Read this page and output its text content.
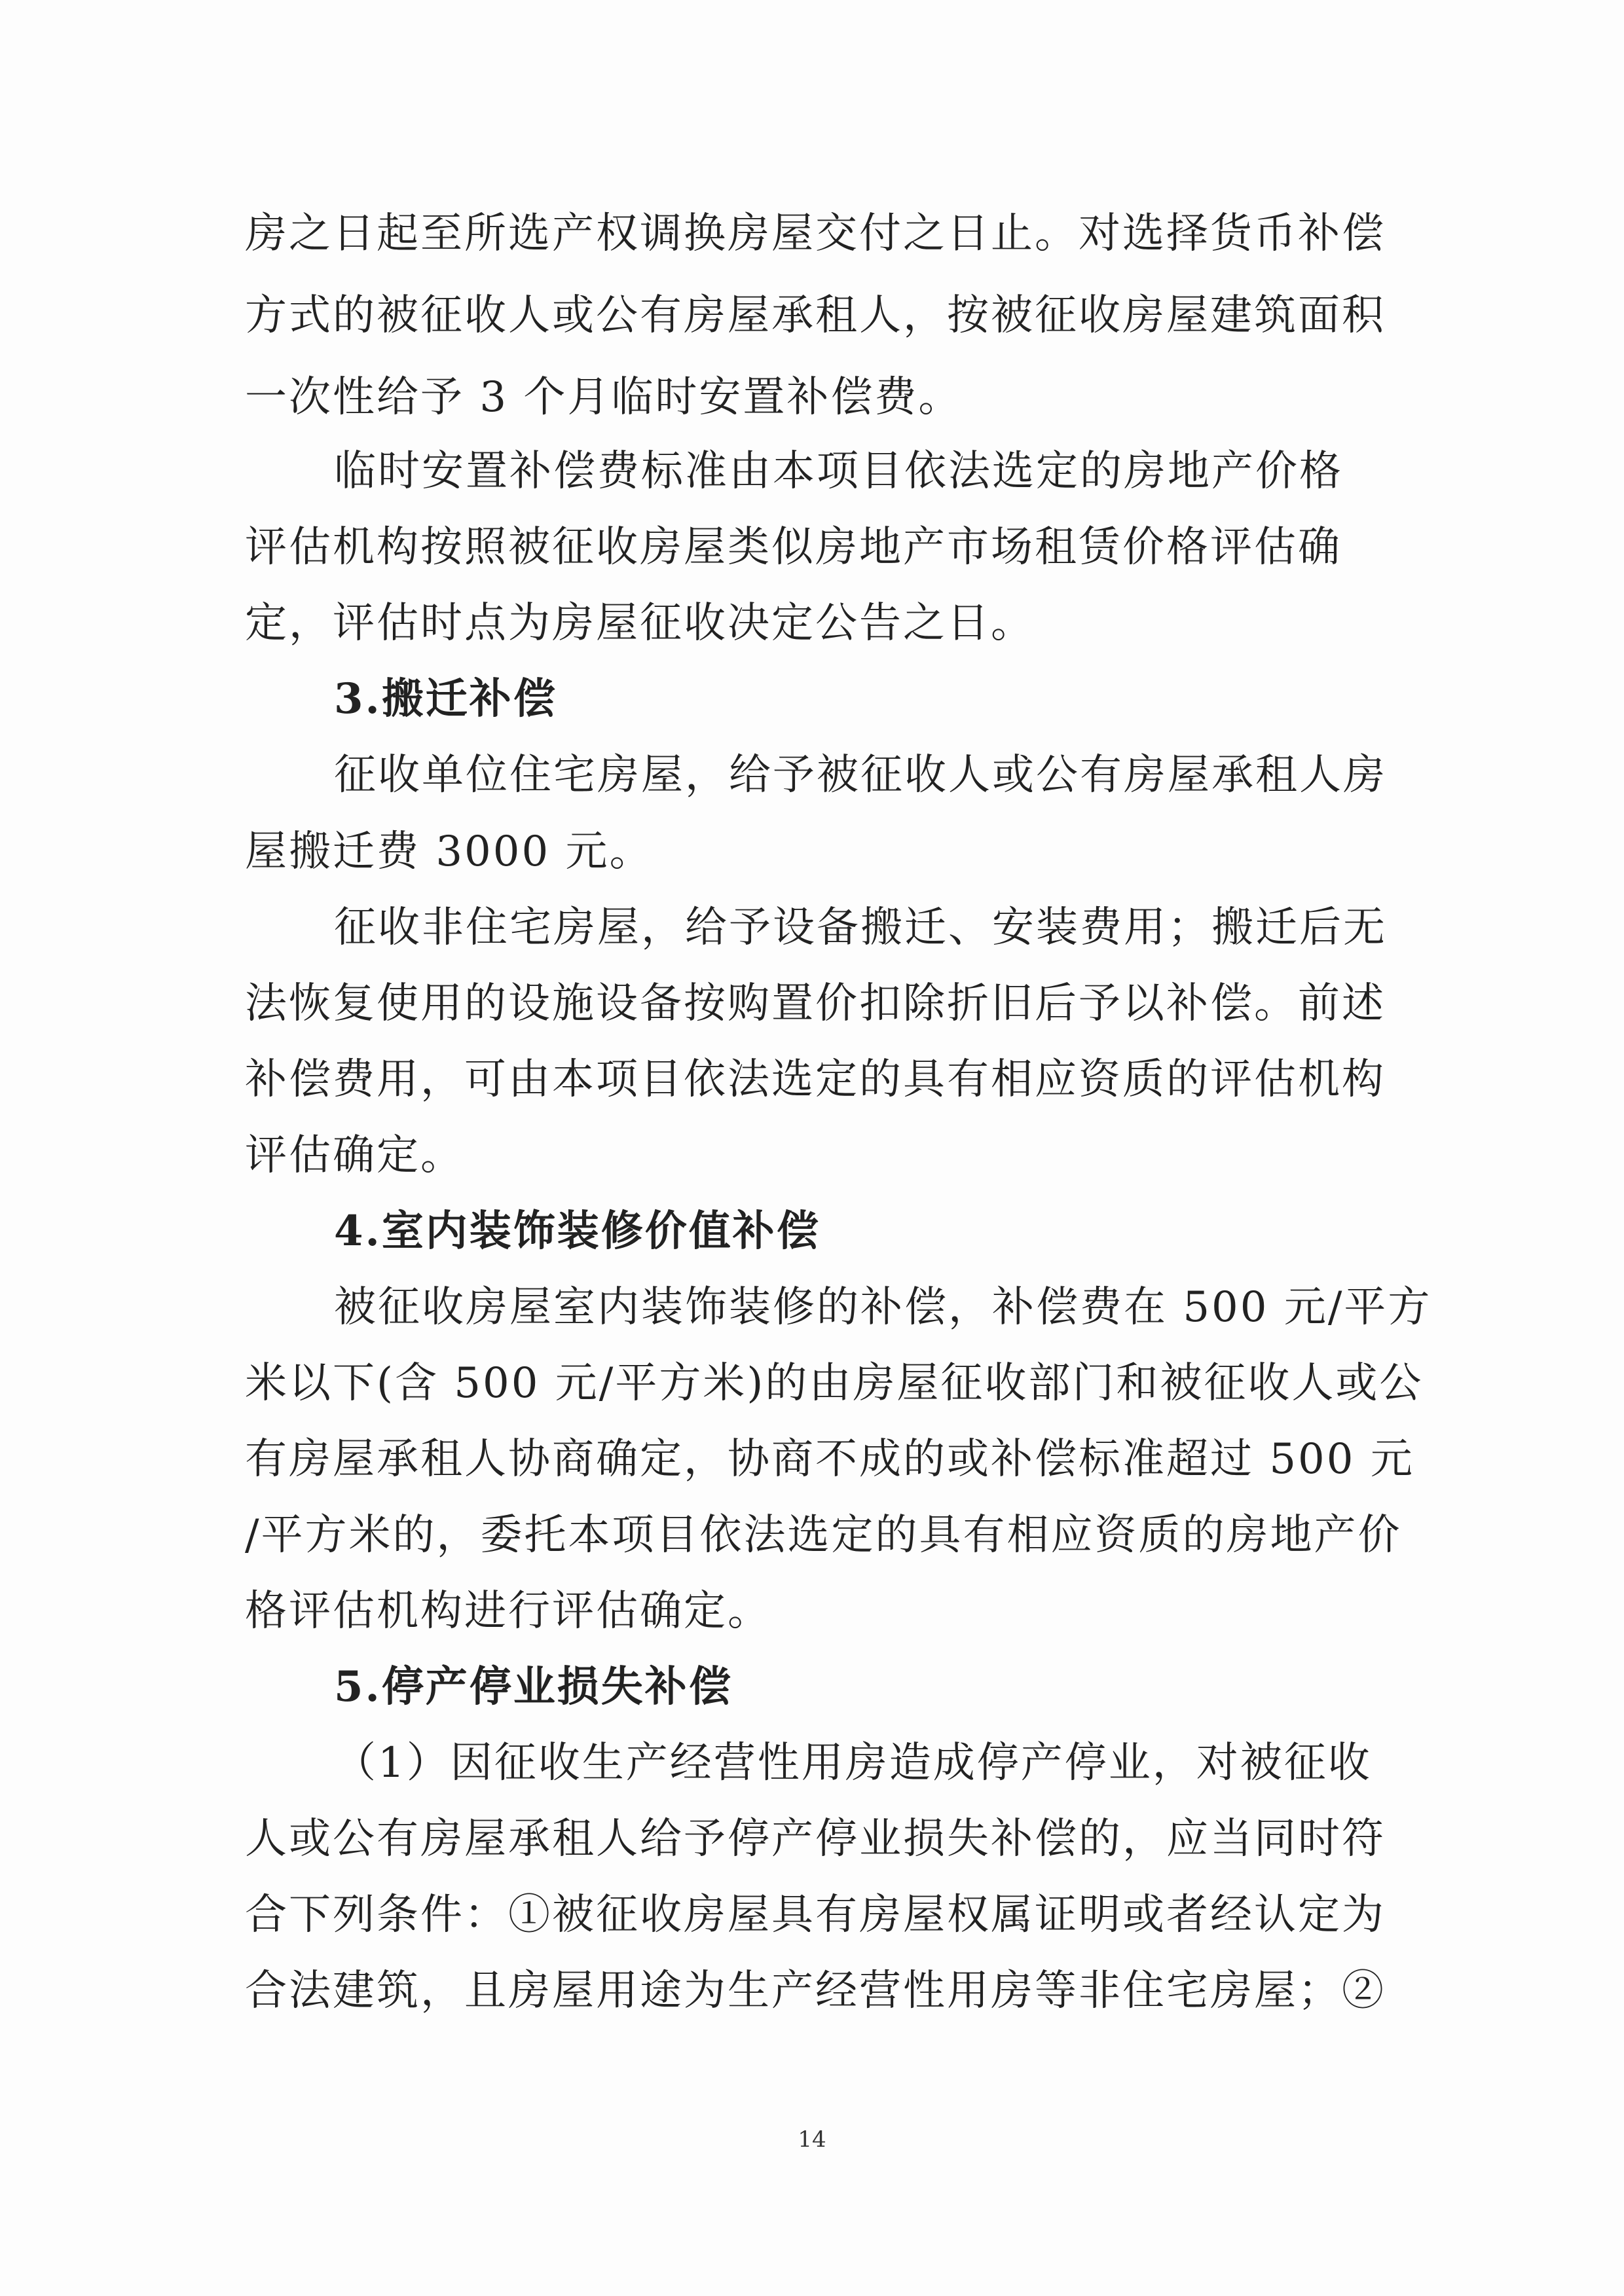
房之日起至所选产权调换房屋交付之日止。对选择货币补偿
方式的被征收人或公有房屋承租人，按被征收房屋建筑面积
一次性给予 3 个月临时安置补偿费。
临时安置补偿费标准由本项目依法选定的房地产价格
评估机构按照被征收房屋类似房地产市场租赁价格评估确
定，评估时点为房屋征收决定公告之日。
3.搬迁补偿
征收单位住宅房屋，给予被征收人或公有房屋承租人房
屋搬迁费 3000 元。
征收非住宅房屋，给予设备搬迁、安装费用；搬迁后无
法恢复使用的设施设备按购置价扣除折旧后予以补偿。前述
补偿费用，可由本项目依法选定的具有相应资质的评估机构
评估确定。
4.室内装饰装修价值补偿
被征收房屋室内装饰装修的补偿，补偿费在 500 元/平方
米以下(含 500 元/平方米)的由房屋征收部门和被征收人或公
有房屋承租人协商确定，协商不成的或补偿标准超过 500 元
/平方米的，委托本项目依法选定的具有相应资质的房地产价
格评估机构进行评估确定。
5.停产停业损失补偿
（1）因征收生产经营性用房造成停产停业，对被征收
人或公有房屋承租人给予停产停业损失补偿的，应当同时符
合下列条件：①被征收房屋具有房屋权属证明或者经认定为
合法建筑，且房屋用途为生产经营性用房等非住宅房屋；②
14
